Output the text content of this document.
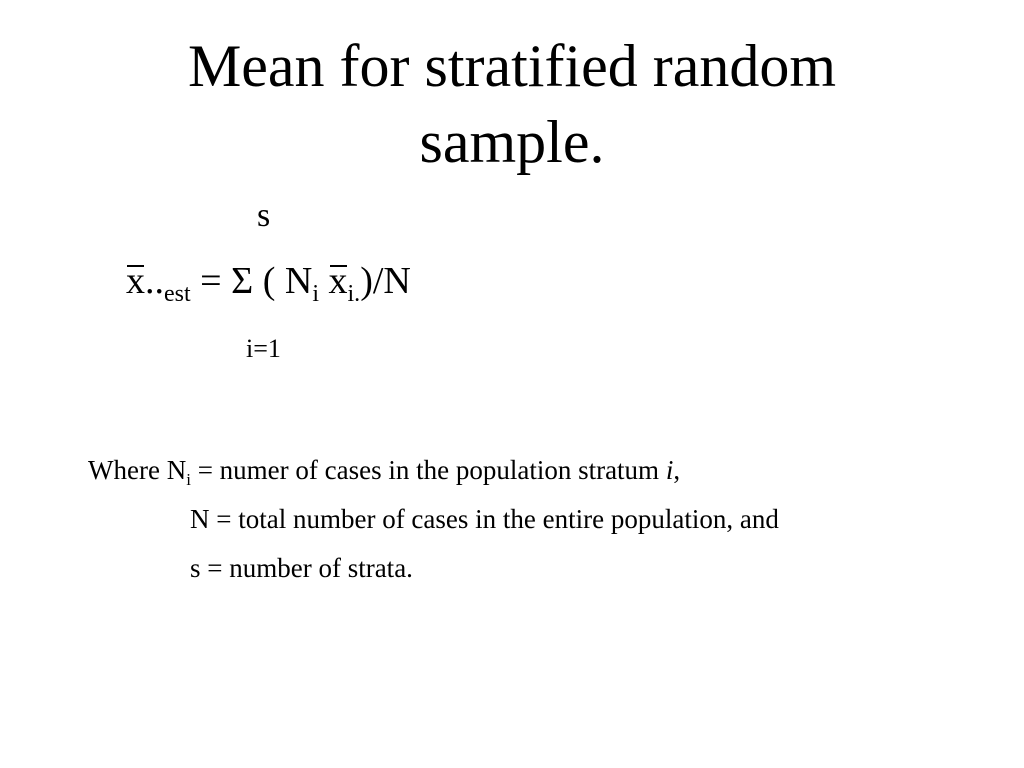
Mean for stratified random
sample.
s
$x.._{est} = \Sigma$ ( $N_i$ $x_{i.})/N$
i=1
Where $N_i$ = numer of cases in the population stratum i,
N = total number of cases in the entire population, and
s = number of strata.
